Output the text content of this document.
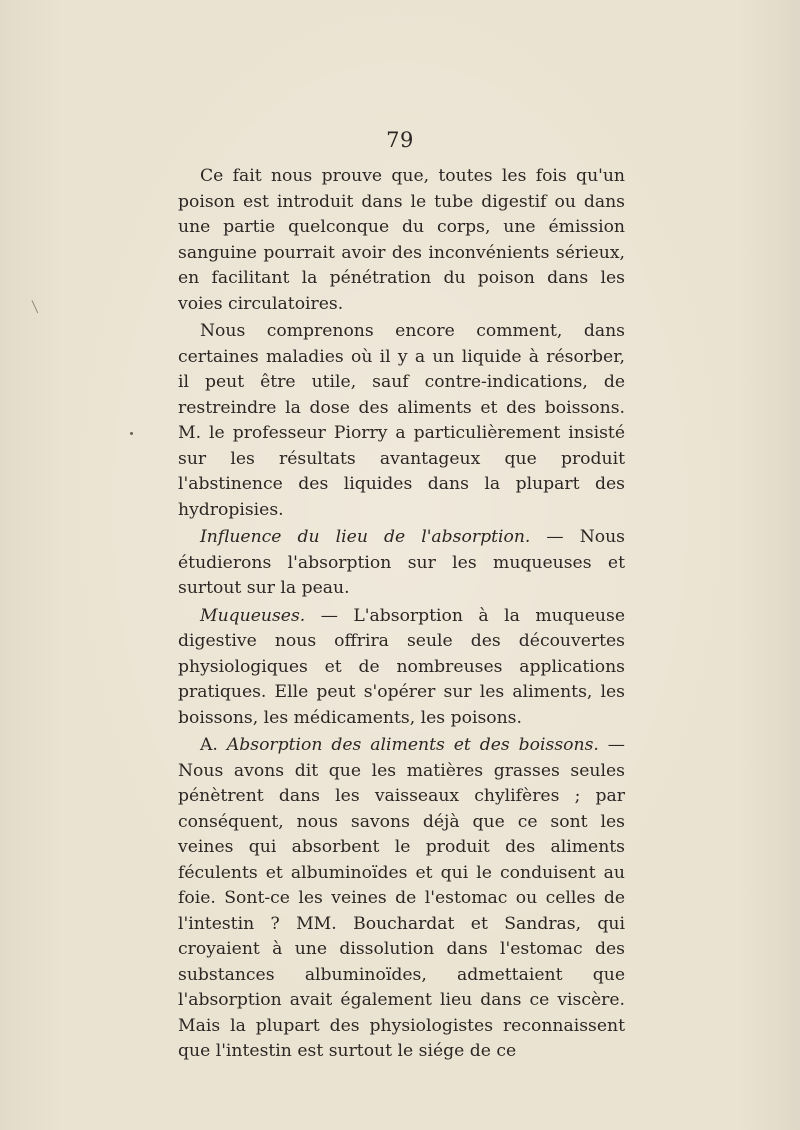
79

Ce fait nous prouve que, toutes les fois qu'un poison est introduit dans le tube digestif ou dans une partie quelconque du corps, une émission sanguine pourrait avoir des inconvénients sérieux, en facilitant la pénétration du poison dans les voies circulatoires.

Nous comprenons encore comment, dans certaines maladies où il y a un liquide à résorber, il peut être utile, sauf contre-indications, de restreindre la dose des aliments et des boissons. M. le professeur Piorry a particulièrement insisté sur les résultats avantageux que produit l'abstinence des liquides dans la plupart des hydropisies.

Influence du lieu de l'absorption. — Nous étudierons l'absorption sur les muqueuses et surtout sur la peau.

Muqueuses. — L'absorption à la muqueuse digestive nous offrira seule des découvertes physiologiques et de nombreuses applications pratiques. Elle peut s'opérer sur les aliments, les boissons, les médicaments, les poisons.

A. Absorption des aliments et des boissons. — Nous avons dit que les matières grasses seules pénètrent dans les vaisseaux chylifères ; par conséquent, nous savons déjà que ce sont les veines qui absorbent le produit des aliments féculents et albuminoïdes et qui le conduisent au foie. Sont-ce les veines de l'estomac ou celles de l'intestin ? MM. Bouchardat et Sandras, qui croyaient à une dissolution dans l'estomac des substances albuminoïdes, admettaient que l'absorption avait également lieu dans ce viscère. Mais la plupart des physiologistes reconnaissent que l'intestin est surtout le siége de ce
